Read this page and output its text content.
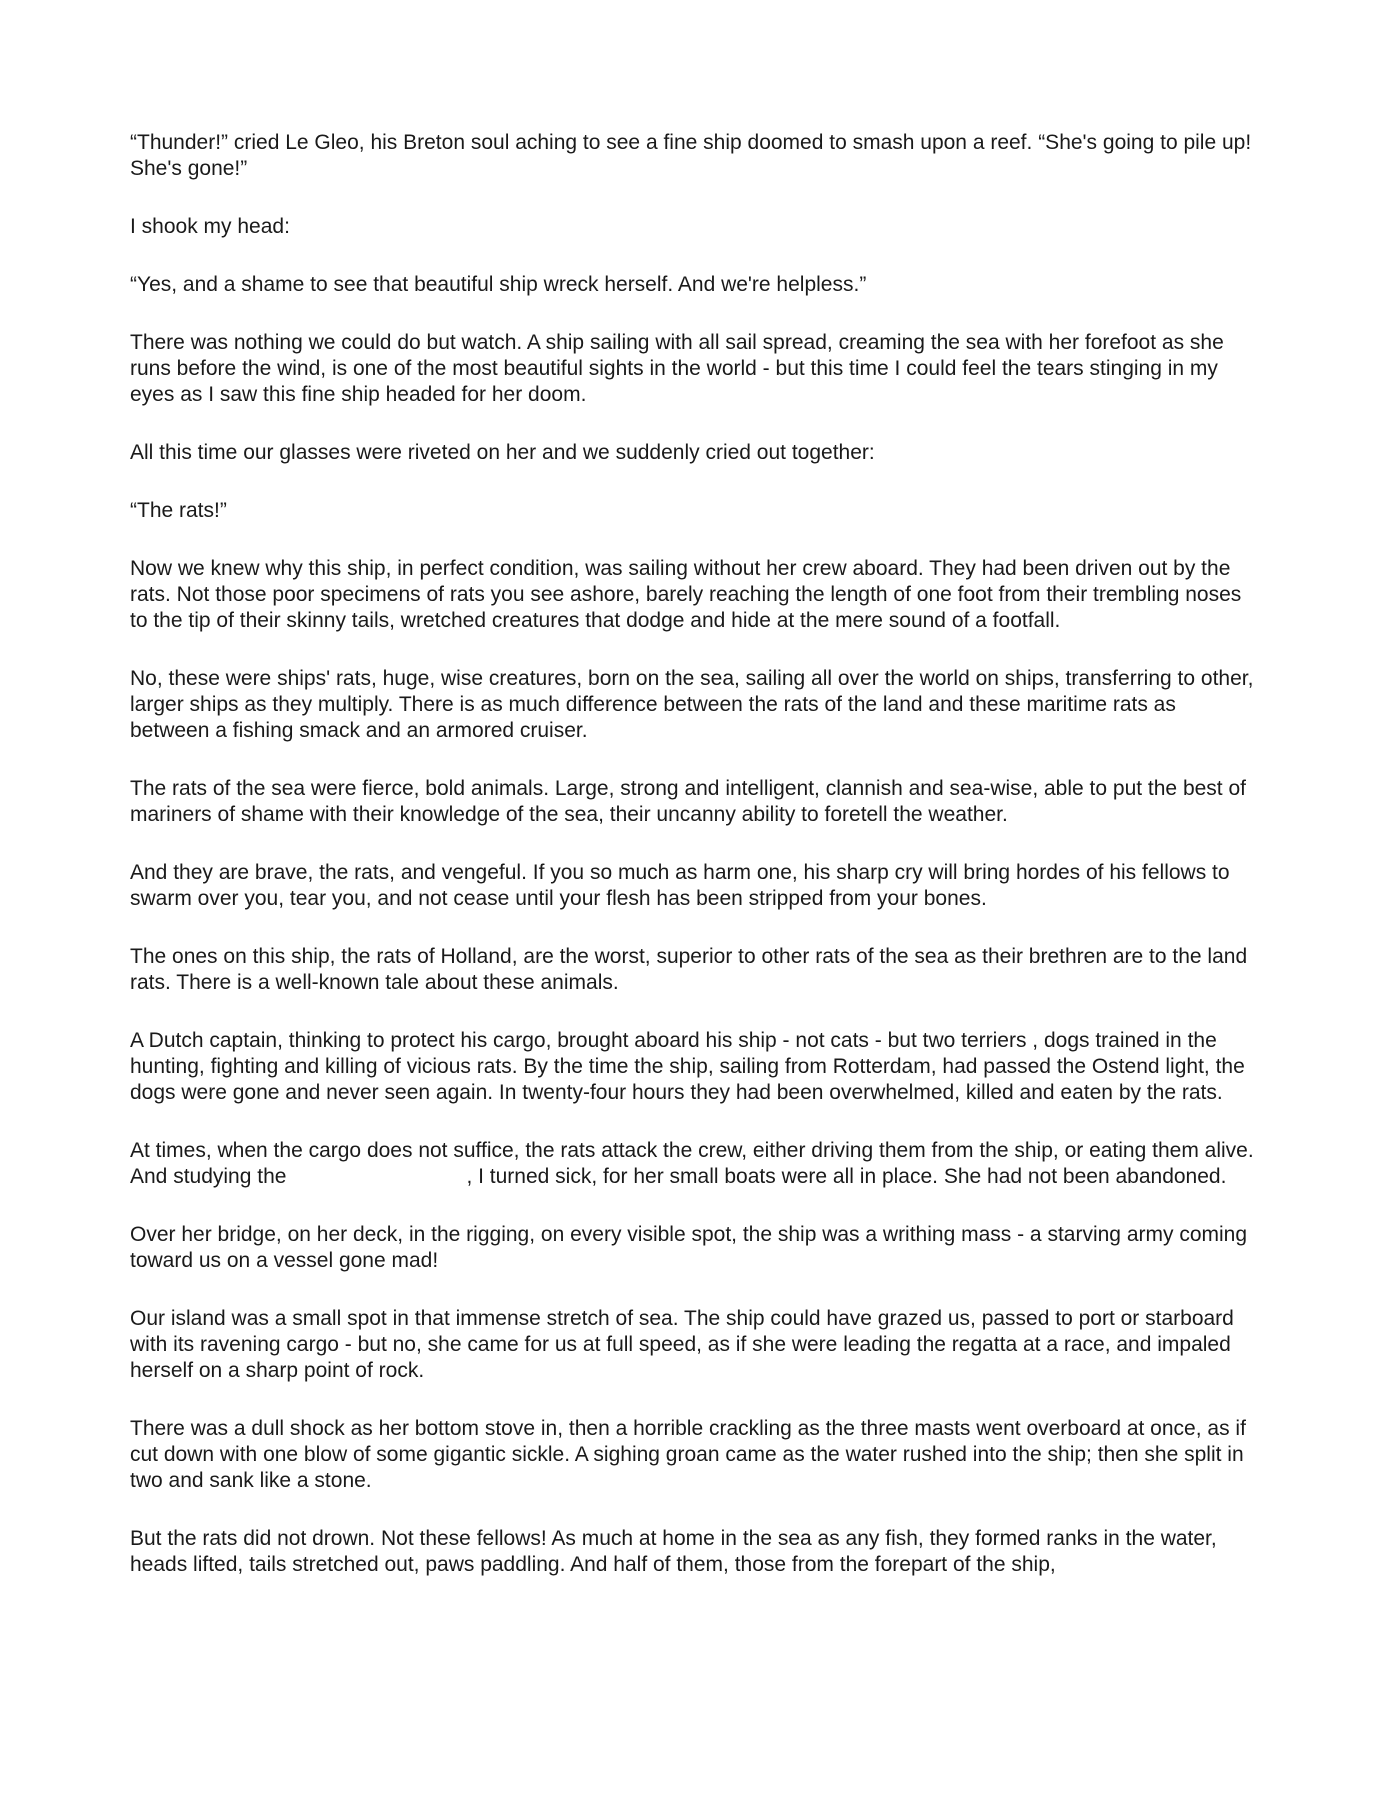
“Thunder!” cried Le Gleo, his Breton soul aching to see a fine ship doomed to smash upon a reef. “She's going to pile up! She's gone!”

I shook my head:

“Yes, and a shame to see that beautiful ship wreck herself. And we're helpless.”

There was nothing we could do but watch. A ship sailing with all sail spread, creaming the sea with her forefoot as she runs before the wind, is one of the most beautiful sights in the world - but this time I could feel the tears stinging in my eyes as I saw this fine ship headed for her doom.

All this time our glasses were riveted on her and we suddenly cried out together:

“The rats!”

Now we knew why this ship, in perfect condition, was sailing without her crew aboard. They had been driven out by the rats. Not those poor specimens of rats you see ashore, barely reaching the length of one foot from their trembling noses to the tip of their skinny tails, wretched creatures that dodge and hide at the mere sound of a footfall.

No, these were ships' rats, huge, wise creatures, born on the sea, sailing all over the world on ships, transferring to other, larger ships as they multiply. There is as much difference between the rats of the land and these maritime rats as between a fishing smack and an armored cruiser.

The rats of the sea were fierce, bold animals. Large, strong and intelligent, clannish and sea-wise, able to put the best of mariners of shame with their knowledge of the sea, their uncanny ability to foretell the weather.

And they are brave, the rats, and vengeful. If you so much as harm one, his sharp cry will bring hordes of his fellows to swarm over you, tear you, and not cease until your flesh has been stripped from your bones.

The ones on this ship, the rats of Holland, are the worst, superior to other rats of the sea as their brethren are to the land rats. There is a well-known tale about these animals.

A Dutch captain, thinking to protect his cargo, brought aboard his ship - not cats - but two terriers , dogs trained in the hunting, fighting and killing of vicious rats. By the time the ship, sailing from Rotterdam, had passed the Ostend light, the dogs were gone and never seen again. In twenty-four hours they had been overwhelmed, killed and eaten by the rats.

At times, when the cargo does not suffice, the rats attack the crew, either driving them from the ship, or eating them alive. And studying the	, I turned sick, for her small boats were all in place. She had not been abandoned.

Over her bridge, on her deck, in the rigging, on every visible spot, the ship was a writhing mass - a starving army coming toward us on a vessel gone mad!

Our island was a small spot in that immense stretch of sea. The ship could have grazed us, passed to port or starboard with its ravening cargo - but no, she came for us at full speed, as if she were leading the regatta at a race, and impaled herself on a sharp point of rock.

There was a dull shock as her bottom stove in, then a horrible crackling as the three masts went overboard at once, as if cut down with one blow of some gigantic sickle. A sighing groan came as the water rushed into the ship; then she split in two and sank like a stone.

But the rats did not drown. Not these fellows! As much at home in the sea as any fish, they formed ranks in the water, heads lifted, tails stretched out, paws paddling. And half of them, those from the forepart of the ship,
